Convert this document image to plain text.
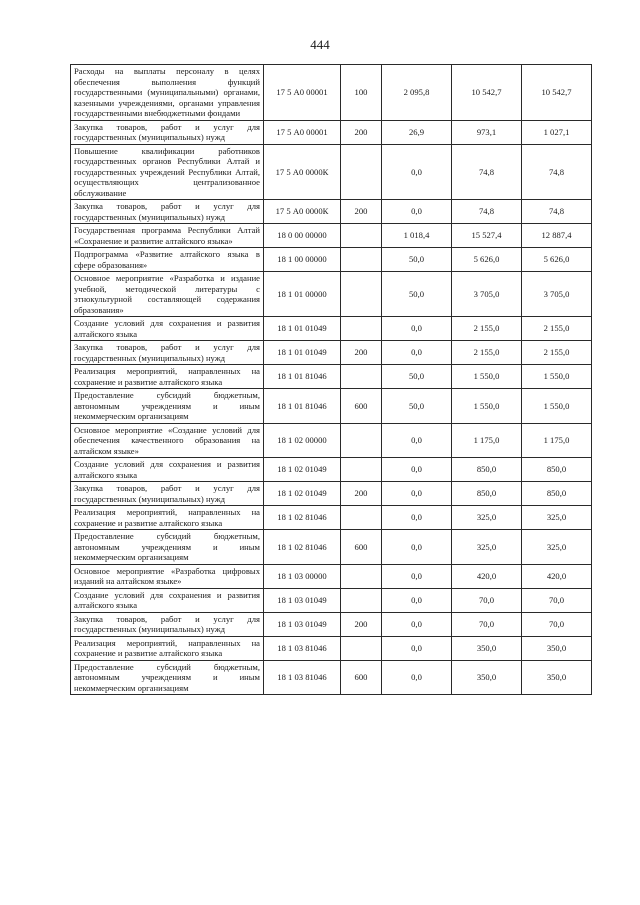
444
Расходы на выплаты персоналу в целях обеспечения выполнения функций государственными (муниципальными) органами, казенными учреждениями, органами управления государственными внебюджетными фондами	17 5 А0 00001	100	2 095,8	10 542,7	10 542,7
Закупка товаров, работ и услуг для государственных (муниципальных) нужд	17 5 А0 00001	200	26,9	973,1	1 027,1
Повышение квалификации работников государственных органов Республики Алтай и государственных учреждений Республики Алтай, осуществляющих централизованное обслуживание	17 5 А0 0000К		0,0	74,8	74,8
Закупка товаров, работ и услуг для государственных (муниципальных) нужд	17 5 А0 0000К	200	0,0	74,8	74,8
Государственная программа Республики Алтай «Сохранение и развитие алтайского языка»	18 0 00 00000		1 018,4	15 527,4	12 887,4
Подпрограмма «Развитие алтайского языка в сфере образования»	18 1 00 00000		50,0	5 626,0	5 626,0
Основное мероприятие «Разработка и издание учебной, методической литературы с этнокультурной составляющей содержания образования»	18 1 01 00000		50,0	3 705,0	3 705,0
Создание условий для сохранения и развития алтайского языка	18 1 01 01049		0,0	2 155,0	2 155,0
Закупка товаров, работ и услуг для государственных (муниципальных) нужд	18 1 01 01049	200	0,0	2 155,0	2 155,0
Реализация мероприятий, направленных на сохранение и развитие алтайского языка	18 1 01 81046		50,0	1 550,0	1 550,0
Предоставление субсидий бюджетным, автономным учреждениям и иным некоммерческим организациям	18 1 01 81046	600	50,0	1 550,0	1 550,0
Основное мероприятие «Создание условий для обеспечения качественного образования на алтайском языке»	18 1 02 00000		0,0	1 175,0	1 175,0
Создание условий для сохранения и развития алтайского языка	18 1 02 01049		0,0	850,0	850,0
Закупка товаров, работ и услуг для государственных (муниципальных) нужд	18 1 02 01049	200	0,0	850,0	850,0
Реализация мероприятий, направленных на сохранение и развитие алтайского языка	18 1 02 81046		0,0	325,0	325,0
Предоставление субсидий бюджетным, автономным учреждениям и иным некоммерческим организациям	18 1 02 81046	600	0,0	325,0	325,0
Основное мероприятие «Разработка цифровых изданий на алтайском языке»	18 1 03 00000		0,0	420,0	420,0
Создание условий для сохранения и развития алтайского языка	18 1 03 01049		0,0	70,0	70,0
Закупка товаров, работ и услуг для государственных (муниципальных) нужд	18 1 03 01049	200	0,0	70,0	70,0
Реализация мероприятий, направленных на сохранение и развитие алтайского языка	18 1 03 81046		0,0	350,0	350,0
Предоставление субсидий бюджетным, автономным учреждениям и иным некоммерческим организациям	18 1 03 81046	600	0,0	350,0	350,0
